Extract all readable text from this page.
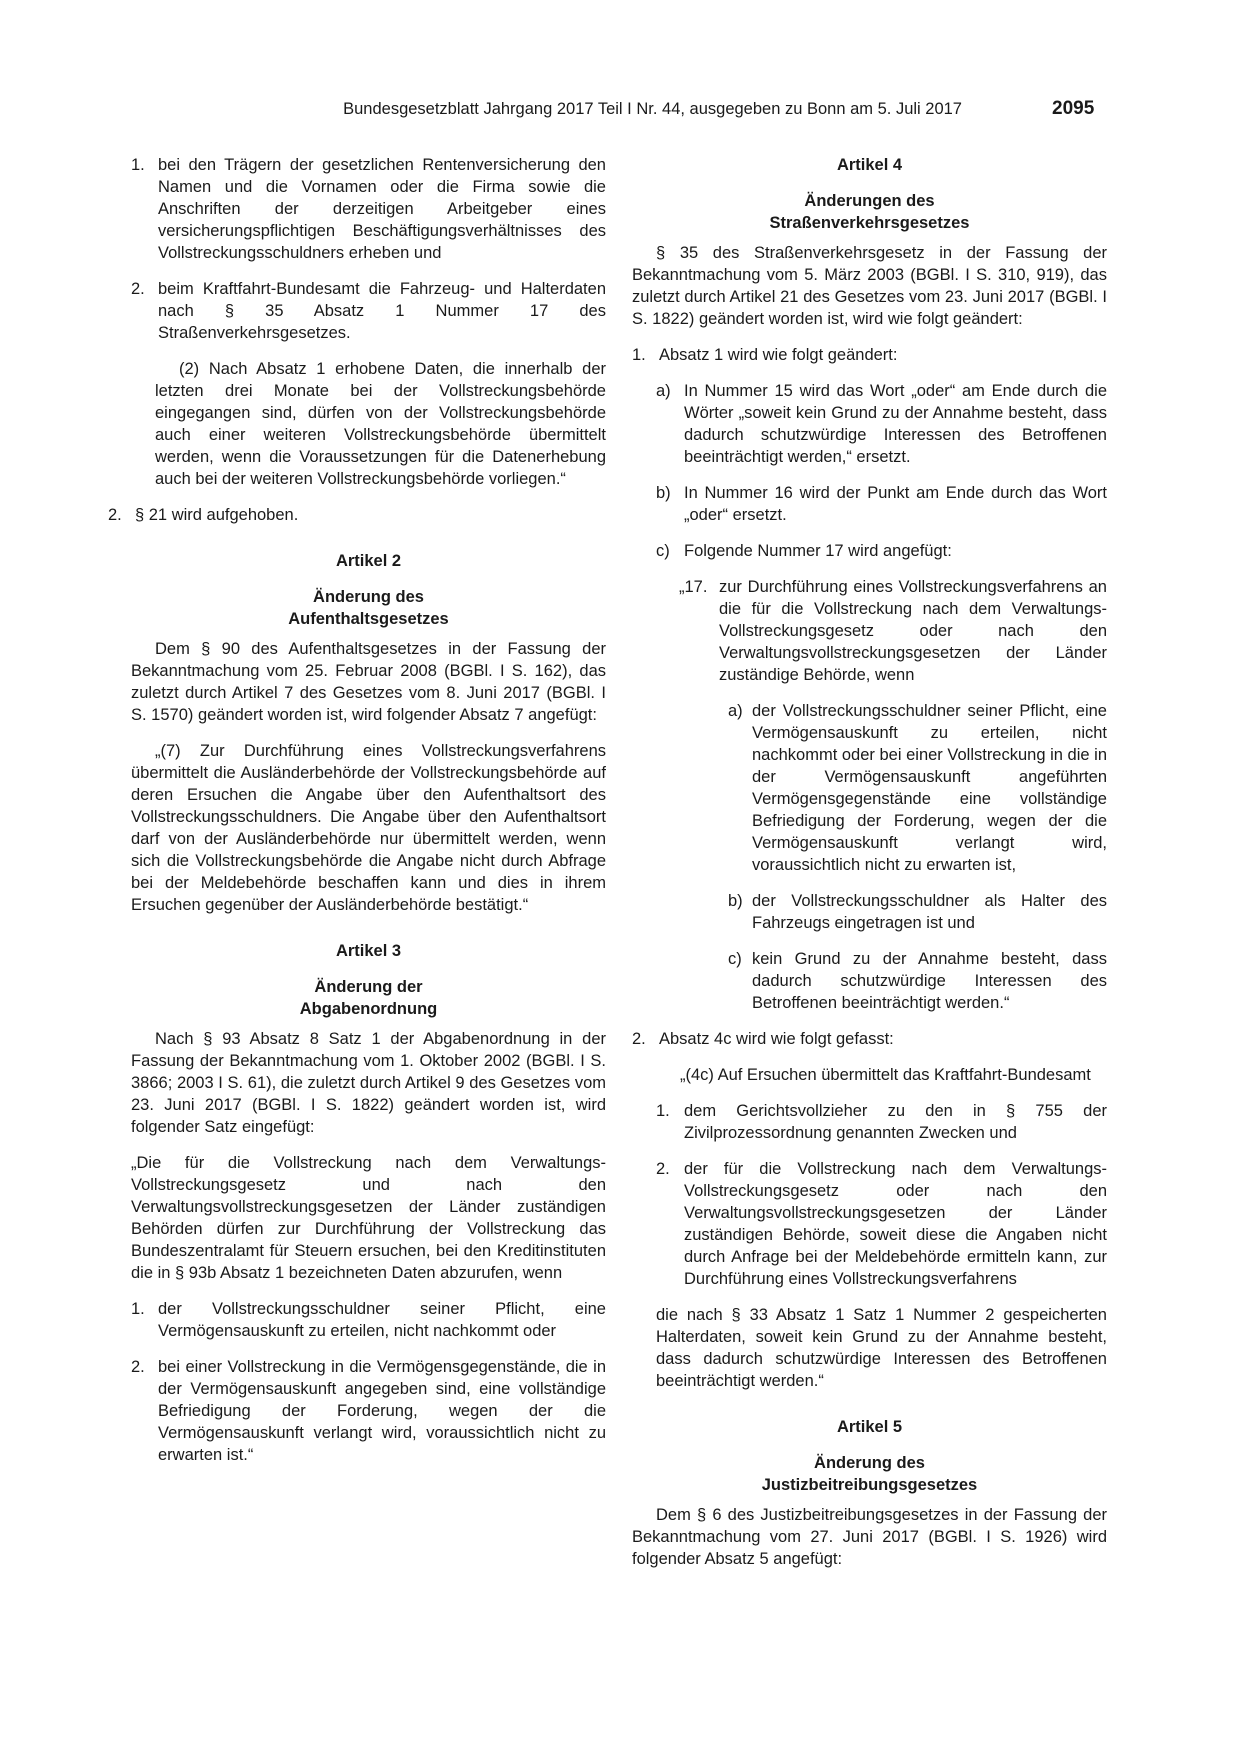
Bundesgesetzblatt Jahrgang 2017 Teil I Nr. 44, ausgegeben zu Bonn am 5. Juli 2017	2095
1. bei den Trägern der gesetzlichen Rentenversicherung den Namen und die Vornamen oder die Firma sowie die Anschriften der derzeitigen Arbeitgeber eines versicherungspflichtigen Beschäftigungsverhältnisses des Vollstreckungsschuldners erheben und

2. beim Kraftfahrt-Bundesamt die Fahrzeug- und Halterdaten nach § 35 Absatz 1 Nummer 17 des Straßenverkehrsgesetzes.

(2) Nach Absatz 1 erhobene Daten, die innerhalb der letzten drei Monate bei der Vollstreckungsbehörde eingegangen sind, dürfen von der Vollstreckungsbehörde auch einer weiteren Vollstreckungsbehörde übermittelt werden, wenn die Voraussetzungen für die Datenerhebung auch bei der weiteren Vollstreckungsbehörde vorliegen.“

2. § 21 wird aufgehoben.

Artikel 2

Änderung des
Aufenthaltsgesetzes

Dem § 90 des Aufenthaltsgesetzes in der Fassung der Bekanntmachung vom 25. Februar 2008 (BGBl. I S. 162), das zuletzt durch Artikel 7 des Gesetzes vom 8. Juni 2017 (BGBl. I S. 1570) geändert worden ist, wird folgender Absatz 7 angefügt:

„(7) Zur Durchführung eines Vollstreckungsverfahrens übermittelt die Ausländerbehörde der Vollstreckungsbehörde auf deren Ersuchen die Angabe über den Aufenthaltsort des Vollstreckungsschuldners. Die Angabe über den Aufenthaltsort darf von der Ausländerbehörde nur übermittelt werden, wenn sich die Vollstreckungsbehörde die Angabe nicht durch Abfrage bei der Meldebehörde beschaffen kann und dies in ihrem Ersuchen gegenüber der Ausländerbehörde bestätigt.“

Artikel 3

Änderung der
Abgabenordnung

Nach § 93 Absatz 8 Satz 1 der Abgabenordnung in der Fassung der Bekanntmachung vom 1. Oktober 2002 (BGBl. I S. 3866; 2003 I S. 61), die zuletzt durch Artikel 9 des Gesetzes vom 23. Juni 2017 (BGBl. I S. 1822) geändert worden ist, wird folgender Satz eingefügt:

„Die für die Vollstreckung nach dem Verwaltungs-Vollstreckungsgesetz und nach den Verwaltungsvollstreckungsgesetzen der Länder zuständigen Behörden dürfen zur Durchführung der Vollstreckung das Bundeszentralamt für Steuern ersuchen, bei den Kreditinstituten die in § 93b Absatz 1 bezeichneten Daten abzurufen, wenn

1. der Vollstreckungsschuldner seiner Pflicht, eine Vermögensauskunft zu erteilen, nicht nachkommt oder

2. bei einer Vollstreckung in die Vermögensgegenstände, die in der Vermögensauskunft angegeben sind, eine vollständige Befriedigung der Forderung, wegen der die Vermögensauskunft verlangt wird, voraussichtlich nicht zu erwarten ist.“

Artikel 4

Änderungen des
Straßenverkehrsgesetzes

§ 35 des Straßenverkehrsgesetz in der Fassung der Bekanntmachung vom 5. März 2003 (BGBl. I S. 310, 919), das zuletzt durch Artikel 21 des Gesetzes vom 23. Juni 2017 (BGBl. I S. 1822) geändert worden ist, wird wie folgt geändert:

1. Absatz 1 wird wie folgt geändert:

a) In Nummer 15 wird das Wort „oder“ am Ende durch die Wörter „soweit kein Grund zu der Annahme besteht, dass dadurch schutzwürdige Interessen des Betroffenen beeinträchtigt werden,“ ersetzt.

b) In Nummer 16 wird der Punkt am Ende durch das Wort „oder“ ersetzt.

c) Folgende Nummer 17 wird angefügt:

„17. zur Durchführung eines Vollstreckungsverfahrens an die für die Vollstreckung nach dem Verwaltungs-Vollstreckungsgesetz oder nach den Verwaltungsvollstreckungsgesetzen der Länder zuständige Behörde, wenn

a) der Vollstreckungsschuldner seiner Pflicht, eine Vermögensauskunft zu erteilen, nicht nachkommt oder bei einer Vollstreckung in die in der Vermögensauskunft angeführten Vermögensgegenstände eine vollständige Befriedigung der Forderung, wegen der die Vermögensauskunft verlangt wird, voraussichtlich nicht zu erwarten ist,

b) der Vollstreckungsschuldner als Halter des Fahrzeugs eingetragen ist und

c) kein Grund zu der Annahme besteht, dass dadurch schutzwürdige Interessen des Betroffenen beeinträchtigt werden.“

2. Absatz 4c wird wie folgt gefasst:

„(4c) Auf Ersuchen übermittelt das Kraftfahrt-Bundesamt

1. dem Gerichtsvollzieher zu den in § 755 der Zivilprozessordnung genannten Zwecken und

2. der für die Vollstreckung nach dem Verwaltungs-Vollstreckungsgesetz oder nach den Verwaltungsvollstreckungsgesetzen der Länder zuständigen Behörde, soweit diese die Angaben nicht durch Anfrage bei der Meldebehörde ermitteln kann, zur Durchführung eines Vollstreckungsverfahrens

die nach § 33 Absatz 1 Satz 1 Nummer 2 gespeicherten Halterdaten, soweit kein Grund zu der Annahme besteht, dass dadurch schutzwürdige Interessen des Betroffenen beeinträchtigt werden.“

Artikel 5

Änderung des
Justizbeitreibungsgesetzes

Dem § 6 des Justizbeitreibungsgesetzes in der Fassung der Bekanntmachung vom 27. Juni 2017 (BGBl. I S. 1926) wird folgender Absatz 5 angefügt:
